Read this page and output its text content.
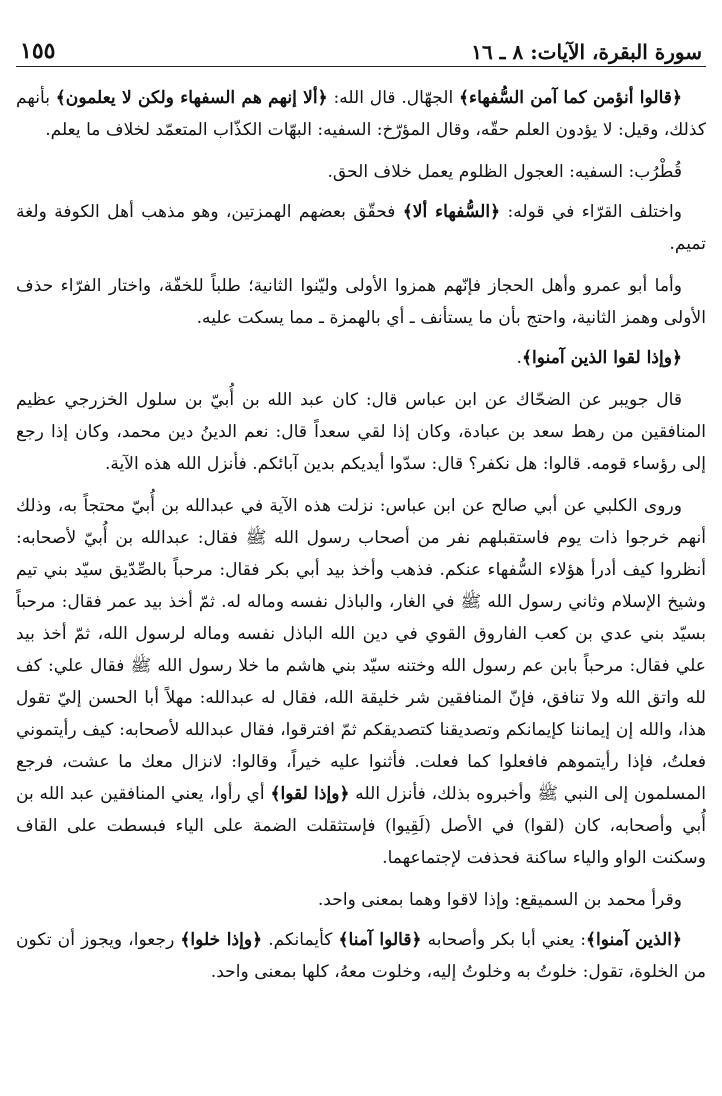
سورة البقرة، الآيات: ٨ ـ ١٦
١٥٥

﴿قالوا أنؤمن كما آمن السُّفهاء﴾ الجهّال. قال الله: ﴿ألا إنهم هم السفهاء ولكن لا يعلمون﴾ بأنهم كذلك، وقيل: لا يؤدون العلم حقّه، وقال المؤرّخ: السفيه: البهّات الكذّاب المتعمّد لخلاف ما يعلم.

قُطْرُب: السفيه: العجول الظلوم يعمل خلاف الحق.

واختلف القرّاء في قوله: ﴿السُّفهاء ألا﴾ فحقّق بعضهم الهمزتين، وهو مذهب أهل الكوفة ولغة تميم.

وأما أبو عمرو وأهل الحجاز فإنّهم همزوا الأولى وليّنوا الثانية؛ طلباً للخفّة، واختار الفرّاء حذف الأولى وهمز الثانية، واحتج بأن ما يستأنف ـ أي بالهمزة ـ مما يسكت عليه.

﴿وإذا لقوا الذين آمنوا﴾.

قال جويبر عن الضحّاك عن ابن عباس قال: كان عبد الله بن أُبيّ بن سلول الخزرجي عظيم المنافقين من رهط سعد بن عبادة، وكان إذا لقي سعداً قال: نعم الدينُ دين محمد، وكان إذا رجع إلى رؤساء قومه. قالوا: هل نكفر؟ قال: سدّوا أيديكم بدين آبائكم. فأنزل الله هذه الآية.

وروى الكلبي عن أبي صالح عن ابن عباس: نزلت هذه الآية في عبدالله بن أُبيّ محتجاً به، وذلك أنهم خرجوا ذات يوم فاستقبلهم نفر من أصحاب رسول الله ﷺ فقال: عبدالله بن أُبيّ لأصحابه: أنظروا كيف أدرأ هؤلاء السُّفهاء عنكم. فذهب وأخذ بيد أبي بكر فقال: مرحباً بالصِّدّيق سيّد بني تيم وشيخ الإسلام وثاني رسول الله ﷺ في الغار، والباذل نفسه وماله له. ثمّ أخذ بيد عمر فقال: مرحباً بسيّد بني عدي بن كعب الفاروق القوي في دين الله الباذل نفسه وماله لرسول الله، ثمّ أخذ بيد علي فقال: مرحباً بابن عم رسول الله وختنه سيّد بني هاشم ما خلا رسول الله ﷺ فقال علي: كف لله واتق الله ولا تنافق، فإنّ المنافقين شر خليقة الله، فقال له عبدالله: مهلاً أبا الحسن إليّ تقول هذا، والله إن إيماننا كإيمانكم وتصديقنا كتصديقكم ثمّ افترقوا، فقال عبدالله لأصحابه: كيف رأيتموني فعلتُ، فإذا رأيتموهم فافعلوا كما فعلت. فأثنوا عليه خيراً، وقالوا: لانزال معك ما عشت، فرجع المسلمون إلى النبي ﷺ وأخبروه بذلك، فأنزل الله ﴿وإذا لقوا﴾ أي رأوا، يعني المنافقين عبد الله بن أُبي وأصحابه، كان (لقوا) في الأصل (لَقِيوا) فإستثقلت الضمة على الياء فبسطت على القاف وسكنت الواو والياء ساكنة فحذفت لإجتماعهما.

وقرأ محمد بن السميقع: وإذا لاقوا وهما بمعنى واحد.

﴿الذين آمنوا﴾: يعني أبا بكر وأصحابه ﴿قالوا آمنا﴾ كأيمانكم. ﴿وإذا خلوا﴾ رجعوا، ويجوز أن تكون من الخلوة، تقول: خلوتُ به وخلوتُ إليه، وخلوت معهُ، كلها بمعنى واحد.
